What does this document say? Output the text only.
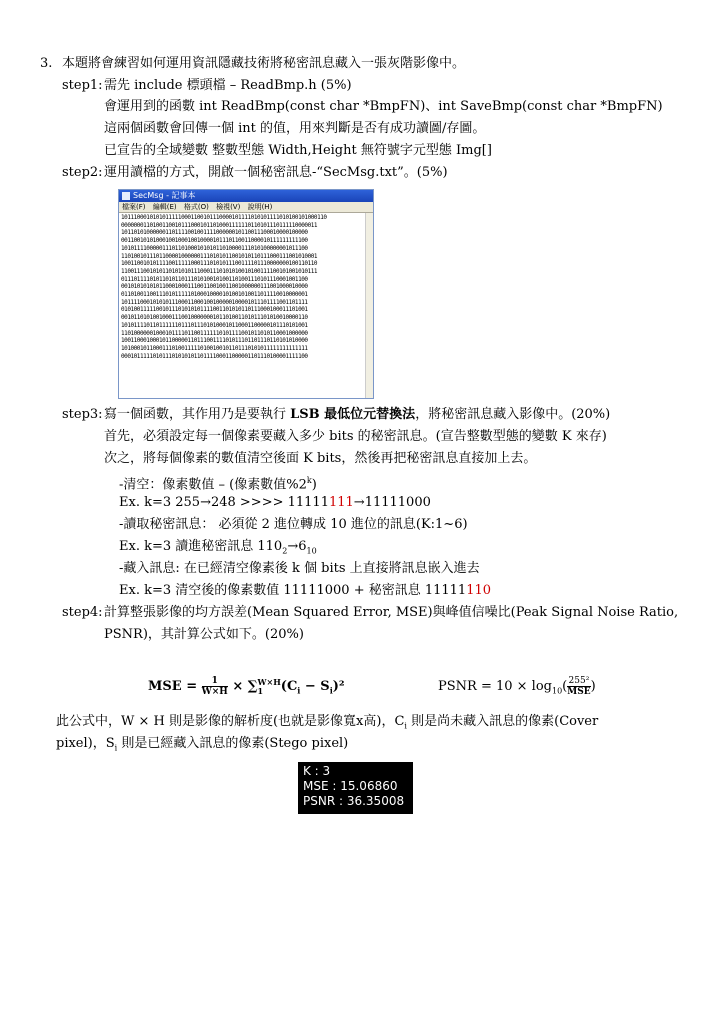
3. 本題將會練習如何運用資訊隱藏技術將秘密訊息藏入一張灰階影像中。
step1: 需先 include 標頭檔 – ReadBmp.h (5%)
會運用到的函數 int ReadBmp(const char *BmpFN)、int SaveBmp(const char *BmpFN)
這兩個函數會回傳一個 int 的值，用來判斷是否有成功讀圖/存圖。
已宣告的全域變數 整數型態 Width,Height 無符號字元型態 Img[]
step2: 運用讀檔的方式，開啟一個秘密訊息-“SecMsg.txt”。(5%)
SecMsg - 記事本
檔案(F) 編輯(E) 格式(O) 檢視(V) 說明(H)
10111000101010111110001100101110000101111010101111010100101000110
00000001101001100101110001011010001111110110101110111110000011
10110101000000110111100100111100000010110011100010000100000
00110010101000100100010010000101110110011000010111111111100
10101111000001110110100010101011010000111010100000001011100
11010010111011000010000001110101011001010110111000111001010001
10011001010111100111110001110101011100111101110000000100110110
11001110010101101010101110001110101010010100111100101001010111
01110111101011010110111010100101001101001110101110001001100
00101010101011000100011100110010011001000000111001000010000
01101001100111010111110100010000101001010011011110010000001
10111100010101011100011000100100000100001011101111001101111
01010011111001011101010101111001101010110111000100011101001
00101101010010001110010000000101101001101011101010010000110
10101111011011111101110111010100010110001100000101110101001
11010000001000101111011001111110101111001011010110001000000
10011000100010110000011011100111101011101101110110101010000
10100010110001110100111110100100101101110101011111111111111
00010111110101110101010110111100011000001101110100001111100
step3: 寫一個函數，其作用乃是要執行 LSB 最低位元替換法，將秘密訊息藏入影像中。(20%)
首先，必須設定每一個像素要藏入多少 bits 的秘密訊息。(宣告整數型態的變數 K 來存)
次之，將每個像素的數值清空後面 K bits，然後再把秘密訊息直接加上去。
-清空：像素數值 – (像素數值%2$^k$)
Ex. k=3 255→248 >>>> 11111111→11111000
-讀取秘密訊息： 必須從 2 進位轉成 10 進位的訊息(K:1~6)
Ex. k=3 讀進秘密訊息 $110_2\to 6_{10}$
-藏入訊息: 在已經清空像素後 k 個 bits 上直接將訊息嵌入進去
Ex. k=3 清空後的像素數值 11111000 + 秘密訊息 11111110
step4: 計算整張影像的均方誤差(Mean Squared Error, MSE)與峰值信噪比(Peak Signal Noise Ratio,
PSNR)，其計算公式如下。(20%)
MSE = $\frac{1}{W\times H}$ × ∑ W×H
1	$(C_i - S_i)^2$	PSNR = $10 \times \log_{10}( \frac{\text{255²}}{\text{MSE}}$ )
此公式中，W × H 則是影像的解析度(也就是影像寬x高)，$C_i$ 則是尚未藏入訊息的像素(Cover
pixel)，$S_i$ 則是已經藏入訊息的像素(Stego pixel)
K : 3
MSE : 15.06860
PSNR : 36.35008
